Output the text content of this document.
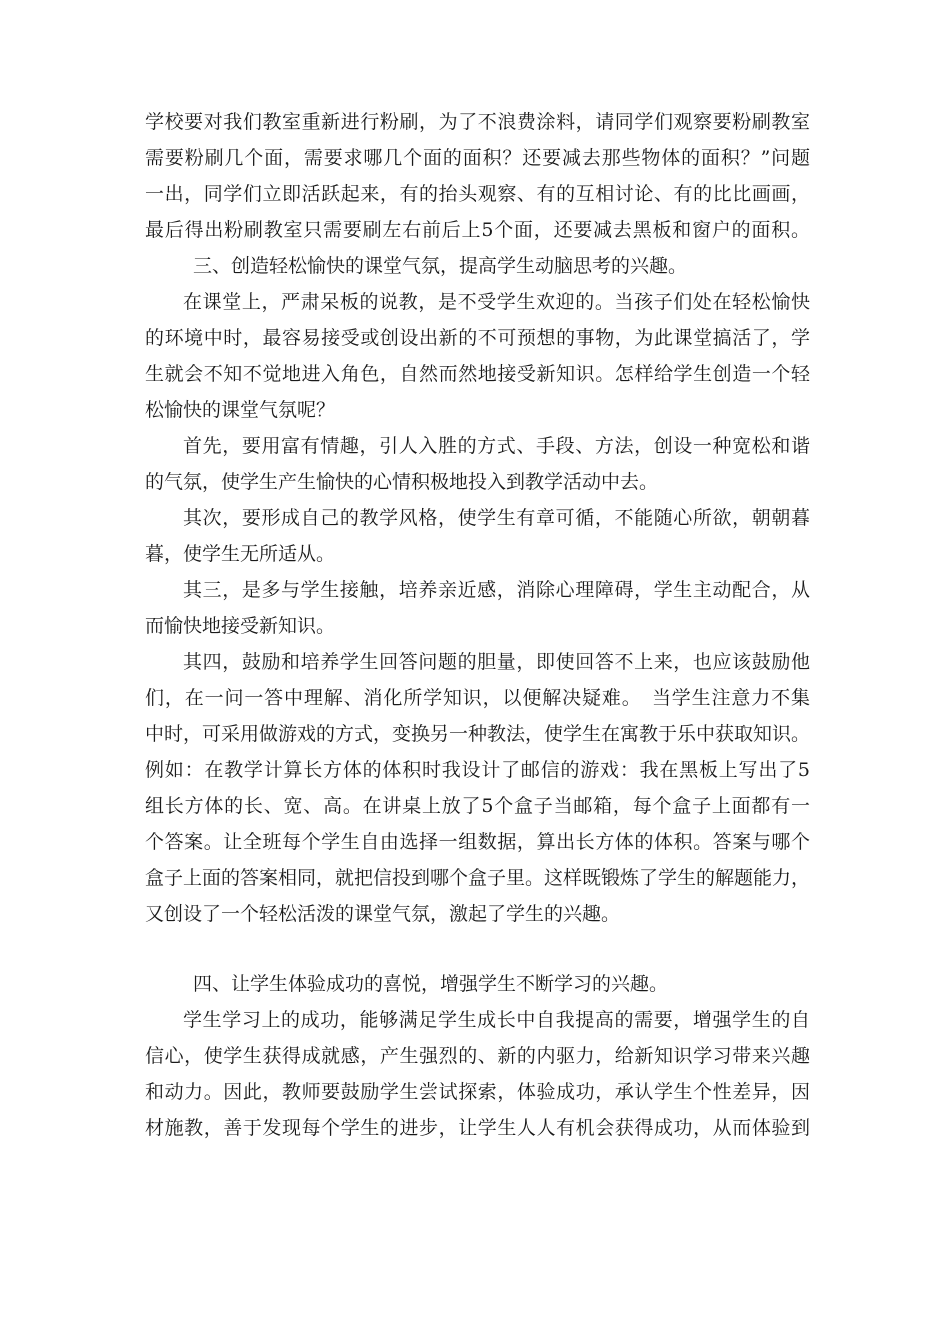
学校要对我们教室重新进行粉刷，为了不浪费涂料，请同学们观察要粉刷教室
需要粉刷几个面，需要求哪几个面的面积？还要减去那些物体的面积？”问题
一出，同学们立即活跃起来，有的抬头观察、有的互相讨论、有的比比画画，
最后得出粉刷教室只需要刷左右前后上5个面，还要减去黑板和窗户的面积。
三、创造轻松愉快的课堂气氛，提高学生动脑思考的兴趣。
在课堂上，严肃呆板的说教，是不受学生欢迎的。当孩子们处在轻松愉快
的环境中时，最容易接受或创设出新的不可预想的事物，为此课堂搞活了，学
生就会不知不觉地进入角色，自然而然地接受新知识。怎样给学生创造一个轻
松愉快的课堂气氛呢？
首先，要用富有情趣，引人入胜的方式、手段、方法，创设一种宽松和谐
的气氛，使学生产生愉快的心情积极地投入到教学活动中去。
其次，要形成自己的教学风格，使学生有章可循，不能随心所欲，朝朝暮
暮，使学生无所适从。
其三，是多与学生接触，培养亲近感，消除心理障碍，学生主动配合，从
而愉快地接受新知识。
其四，鼓励和培养学生回答问题的胆量，即使回答不上来，也应该鼓励他
们，在一问一答中理解、消化所学知识，以便解决疑难。　当学生注意力不集
中时，可采用做游戏的方式，变换另一种教法，使学生在寓教于乐中获取知识。
例如：在教学计算长方体的体积时我设计了邮信的游戏：我在黑板上写出了5
组长方体的长、宽、高。在讲桌上放了5个盒子当邮箱，每个盒子上面都有一
个答案。让全班每个学生自由选择一组数据，算出长方体的体积。答案与哪个
盒子上面的答案相同，就把信投到哪个盒子里。这样既锻炼了学生的解题能力，
又创设了一个轻松活泼的课堂气氛，激起了学生的兴趣。
四、让学生体验成功的喜悦，增强学生不断学习的兴趣。
学生学习上的成功，能够满足学生成长中自我提高的需要，增强学生的自
信心，使学生获得成就感，产生强烈的、新的内驱力，给新知识学习带来兴趣
和动力。因此，教师要鼓励学生尝试探索，体验成功，承认学生个性差异，因
材施教，善于发现每个学生的进步，让学生人人有机会获得成功，从而体验到
